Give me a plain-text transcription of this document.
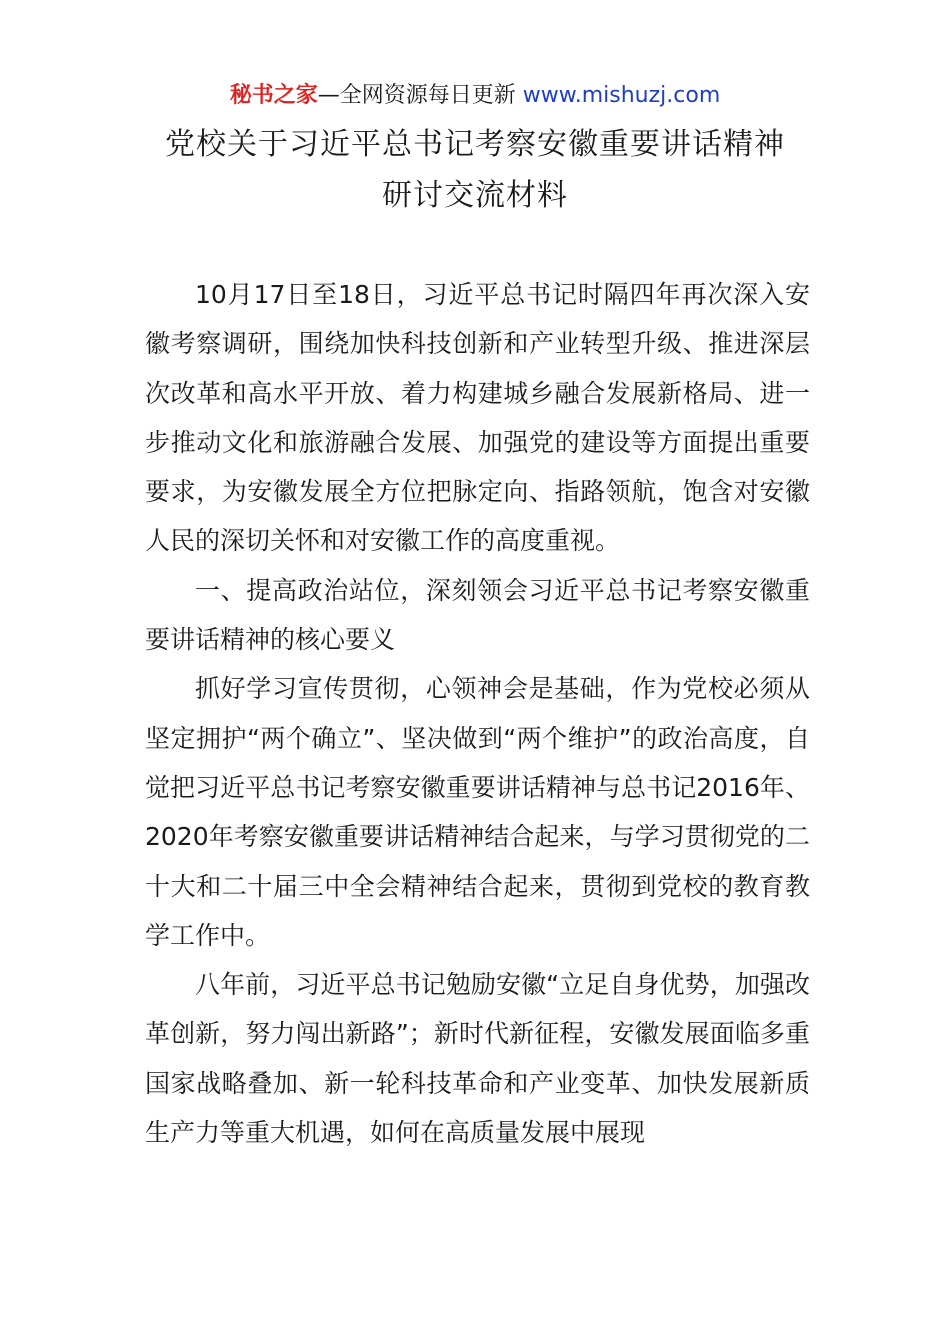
秘书之家—全网资源每日更新 www.mishuzj.com
党校关于习近平总书记考察安徽重要讲话精神
研讨交流材料

10月17日至18日，习近平总书记时隔四年再次深入安徽考察调研，围绕加快科技创新和产业转型升级、推进深层次改革和高水平开放、着力构建城乡融合发展新格局、进一步推动文化和旅游融合发展、加强党的建设等方面提出重要要求，为安徽发展全方位把脉定向、指路领航，饱含对安徽人民的深切关怀和对安徽工作的高度重视。

一、提高政治站位，深刻领会习近平总书记考察安徽重要讲话精神的核心要义

抓好学习宣传贯彻，心领神会是基础，作为党校必须从坚定拥护“两个确立”、坚决做到“两个维护”的政治高度，自觉把习近平总书记考察安徽重要讲话精神与总书记2016年、2020年考察安徽重要讲话精神结合起来，与学习贯彻党的二十大和二十届三中全会精神结合起来，贯彻到党校的教育教学工作中。

八年前，习近平总书记勉励安徽“立足自身优势，加强改革创新，努力闯出新路”；新时代新征程，安徽发展面临多重国家战略叠加、新一轮科技革命和产业变革、加快发展新质生产力等重大机遇，如何在高质量发展中展现
